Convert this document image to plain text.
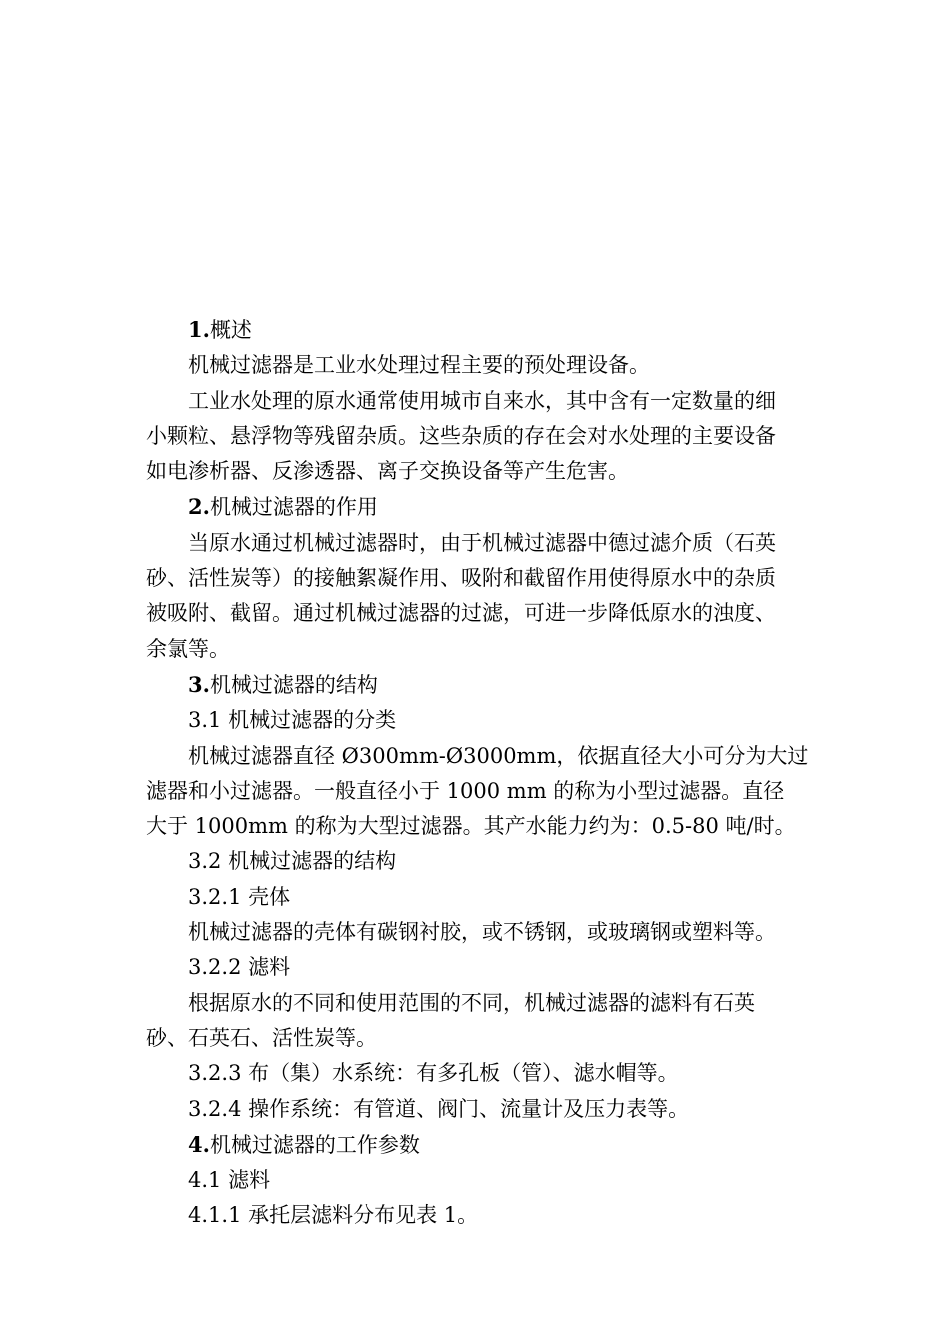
1.概述

机械过滤器是工业水处理过程主要的预处理设备。

工业水处理的原水通常使用城市自来水，其中含有一定数量的细

小颗粒、悬浮物等残留杂质。这些杂质的存在会对水处理的主要设备

如电渗析器、反渗透器、离子交换设备等产生危害。

2.机械过滤器的作用

当原水通过机械过滤器时，由于机械过滤器中德过滤介质（石英

砂、活性炭等）的接触絮凝作用、吸附和截留作用使得原水中的杂质

被吸附、截留。通过机械过滤器的过滤，可进一步降低原水的浊度、

余氯等。

3.机械过滤器的结构

3.1 机械过滤器的分类

机械过滤器直径 Ø300mm-Ø3000mm，依据直径大小可分为大过

滤器和小过滤器。一般直径小于 1000 mm 的称为小型过滤器。直径

大于 1000mm 的称为大型过滤器。其产水能力约为：0.5-80 吨/时。

3.2 机械过滤器的结构

3.2.1 壳体

机械过滤器的壳体有碳钢衬胶，或不锈钢，或玻璃钢或塑料等。

3.2.2 滤料

根据原水的不同和使用范围的不同，机械过滤器的滤料有石英

砂、石英石、活性炭等。

3.2.3 布（集）水系统：有多孔板（管）、滤水帽等。

3.2.4 操作系统：有管道、阀门、流量计及压力表等。

4.机械过滤器的工作参数

4.1 滤料

4.1.1 承托层滤料分布见表 1。
